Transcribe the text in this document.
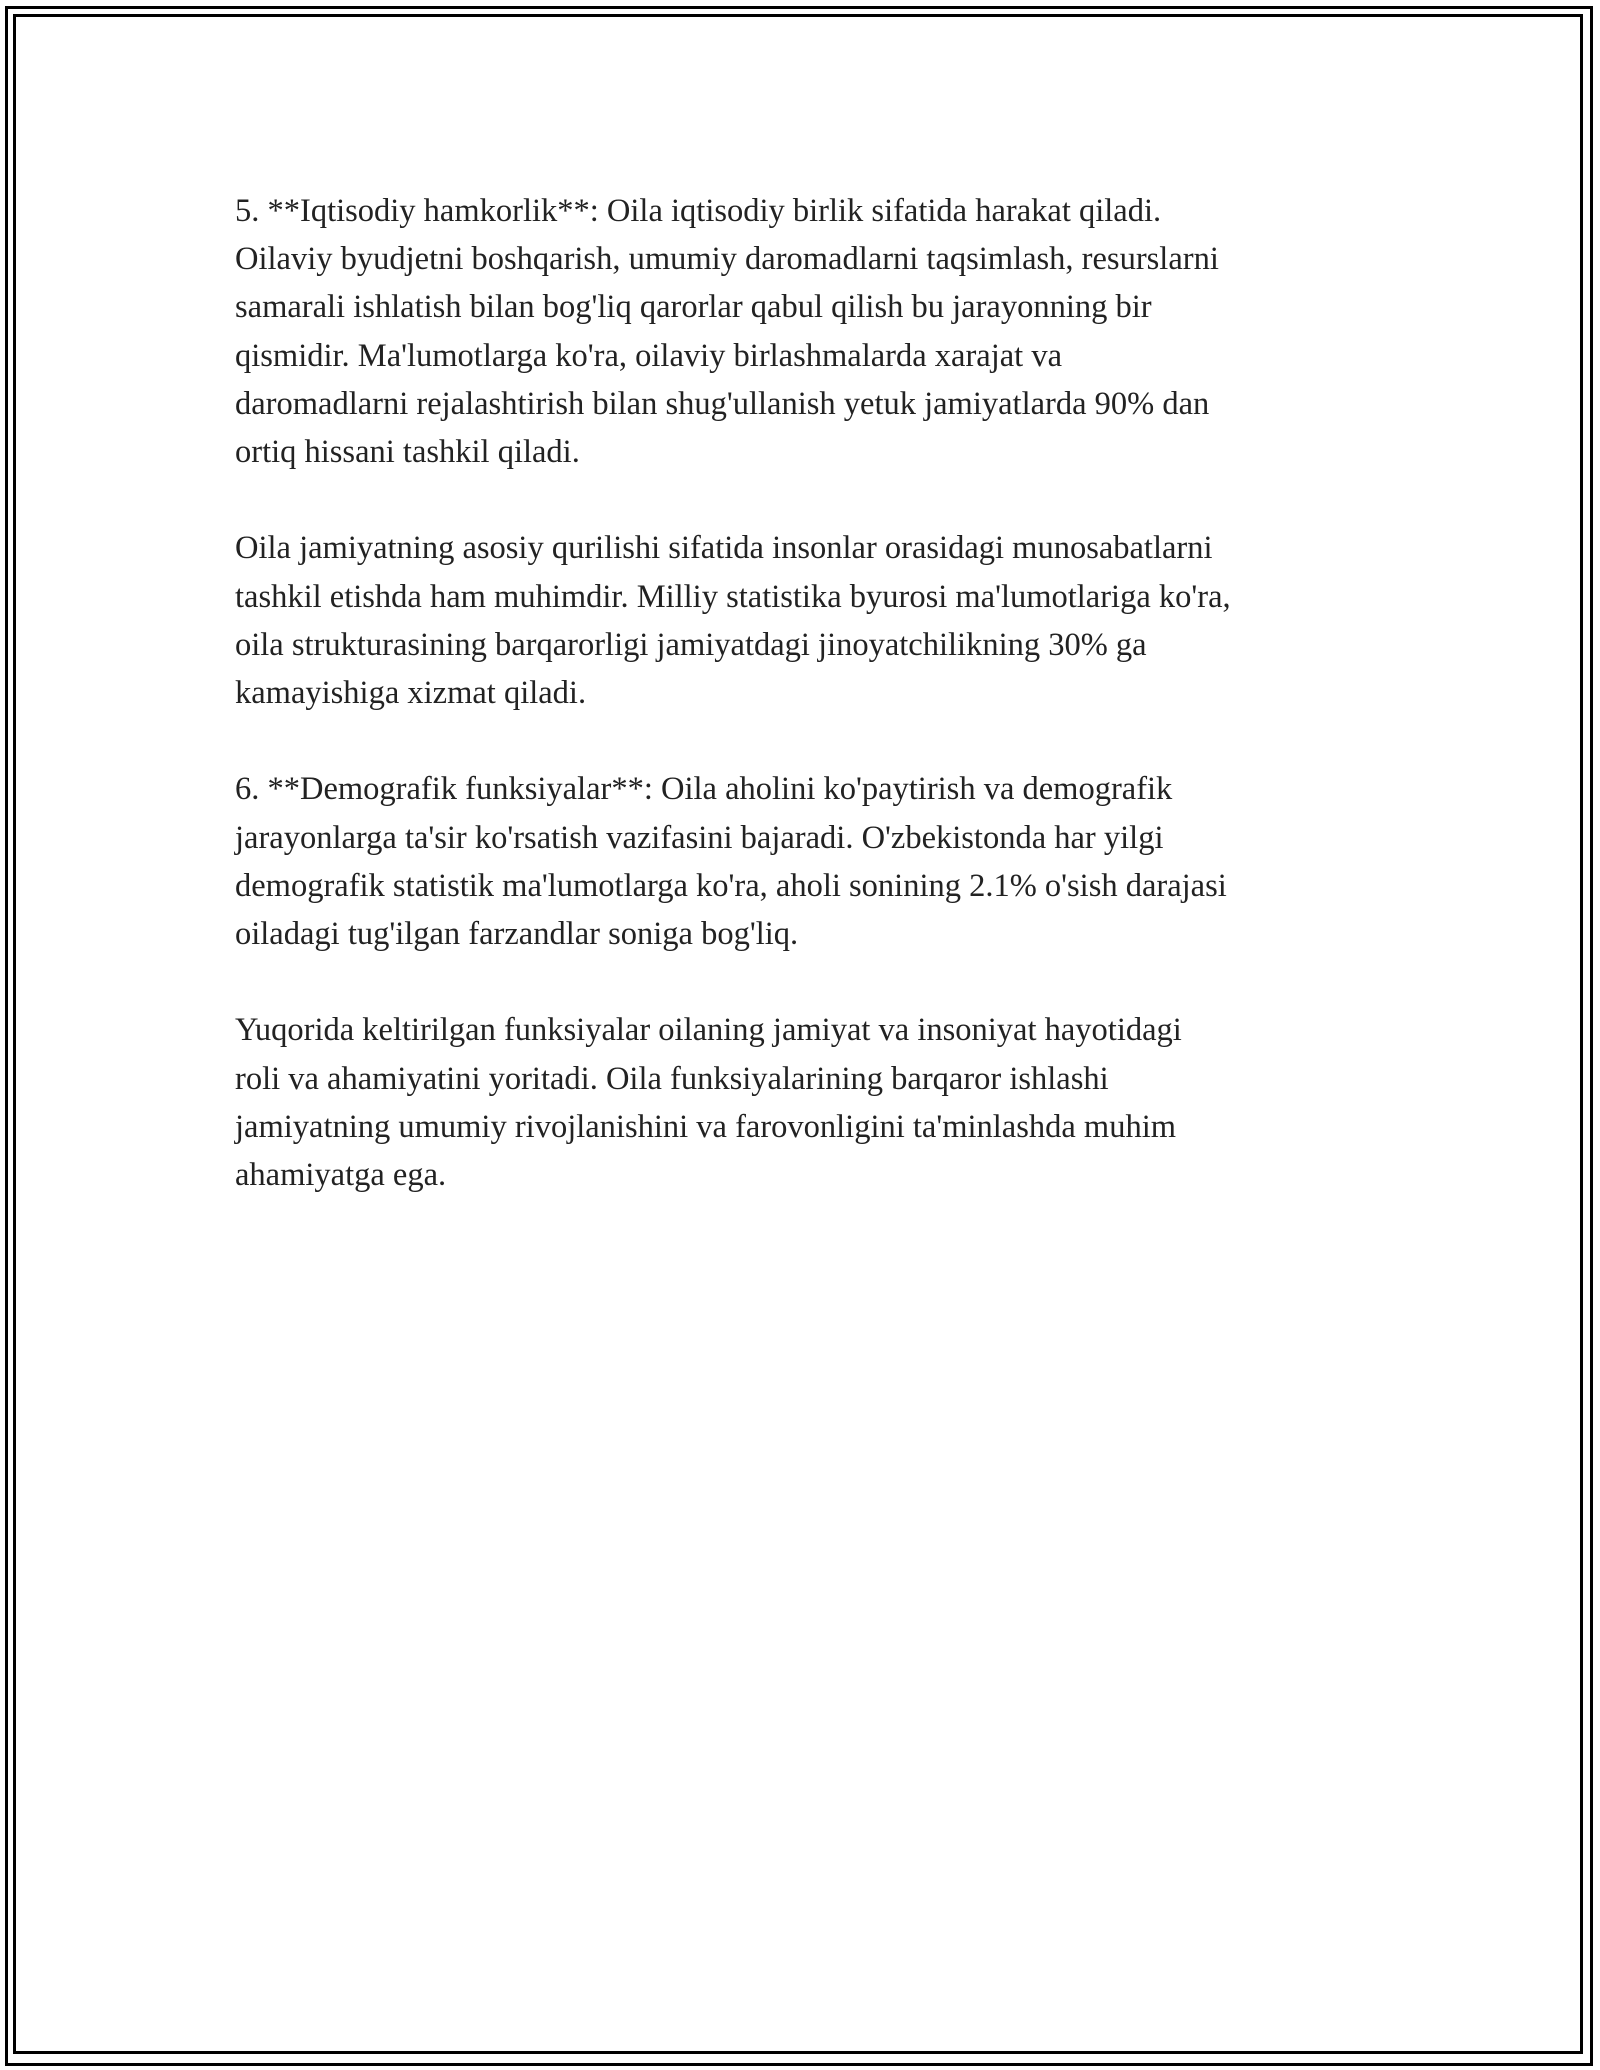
5. **Iqtisodiy hamkorlik**: Oila iqtisodiy birlik sifatida harakat qiladi.
Oilaviy byudjetni boshqarish, umumiy daromadlarni taqsimlash, resurslarni
samarali ishlatish bilan bog'liq qarorlar qabul qilish bu jarayonning bir
qismidir. Ma'lumotlarga ko'ra, oilaviy birlashmalarda xarajat va
daromadlarni rejalashtirish bilan shug'ullanish yetuk jamiyatlarda 90% dan
ortiq hissani tashkil qiladi.

Oila jamiyatning asosiy qurilishi sifatida insonlar orasidagi munosabatlarni
tashkil etishda ham muhimdir. Milliy statistika byurosi ma'lumotlariga ko'ra,
oila strukturasining barqarorligi jamiyatdagi jinoyatchilikning 30% ga
kamayishiga xizmat qiladi.

6. **Demografik funksiyalar**: Oila aholini ko'paytirish va demografik
jarayonlarga ta'sir ko'rsatish vazifasini bajaradi. O'zbekistonda har yilgi
demografik statistik ma'lumotlarga ko'ra, aholi sonining 2.1% o'sish darajasi
oiladagi tug'ilgan farzandlar soniga bog'liq.

Yuqorida keltirilgan funksiyalar oilaning jamiyat va insoniyat hayotidagi
roli va ahamiyatini yoritadi. Oila funksiyalarining barqaror ishlashi
jamiyatning umumiy rivojlanishini va farovonligini ta'minlashda muhim
ahamiyatga ega.
